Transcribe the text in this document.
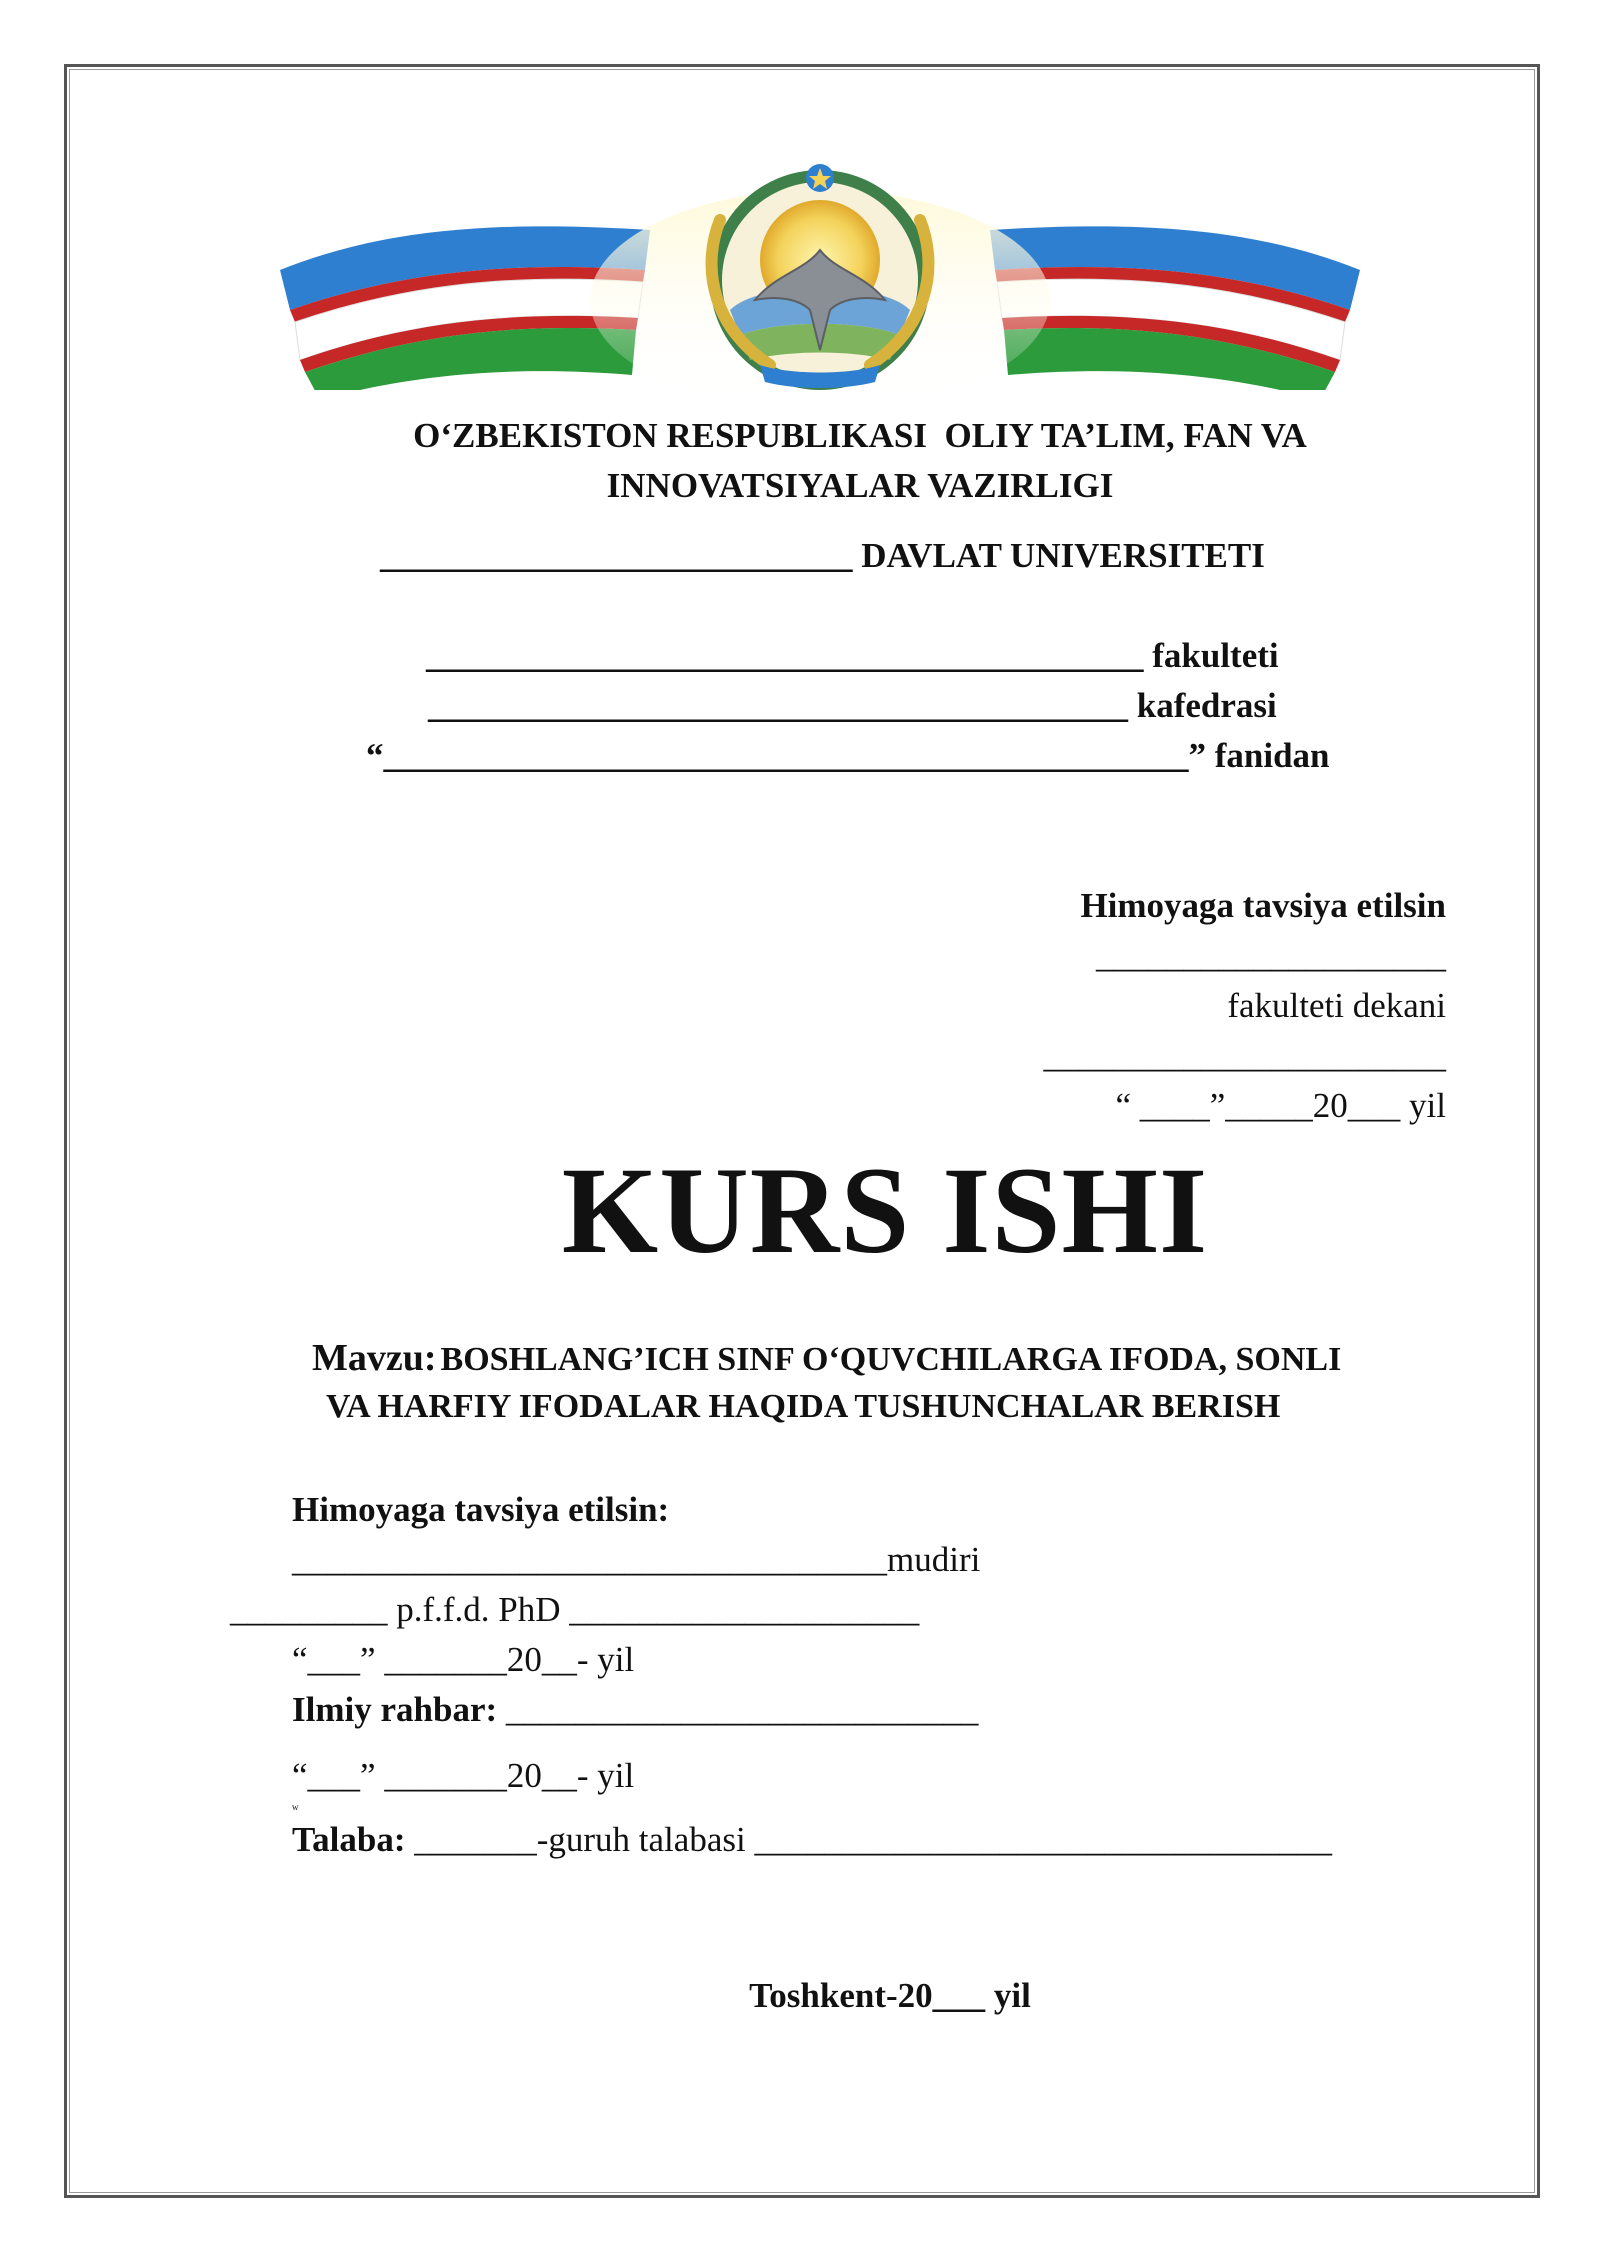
O‘ZBEKISTON RESPUBLIKASI  OLIY TA’LIM, FAN VA
INNOVATSIYALAR VAZIRLIGI
___________________________ DAVLAT UNIVERSITETI
_________________________________________ fakulteti
________________________________________ kafedrasi
“______________________________________________” fanidan
Himoyaga tavsiya etilsin
____________________
fakulteti dekani
_______________________
“ ____”_____20___ yil
KURS ISHI
Mavzu: BOSHLANG’ICH SINF O‘QUVCHILARGA IFODA, SONLI
VA HARFIY IFODALAR HAQIDA TUSHUNCHALAR BERISH
Himoyaga tavsiya etilsin:
__________________________________mudiri
_________ p.f.f.d. PhD ____________________
“___” _______20__- yil
Ilmiy rahbar: ___________________________
“___” _______20__- yil
w
Talaba: _______-guruh talabasi _________________________________
Toshkent-20___ yil
